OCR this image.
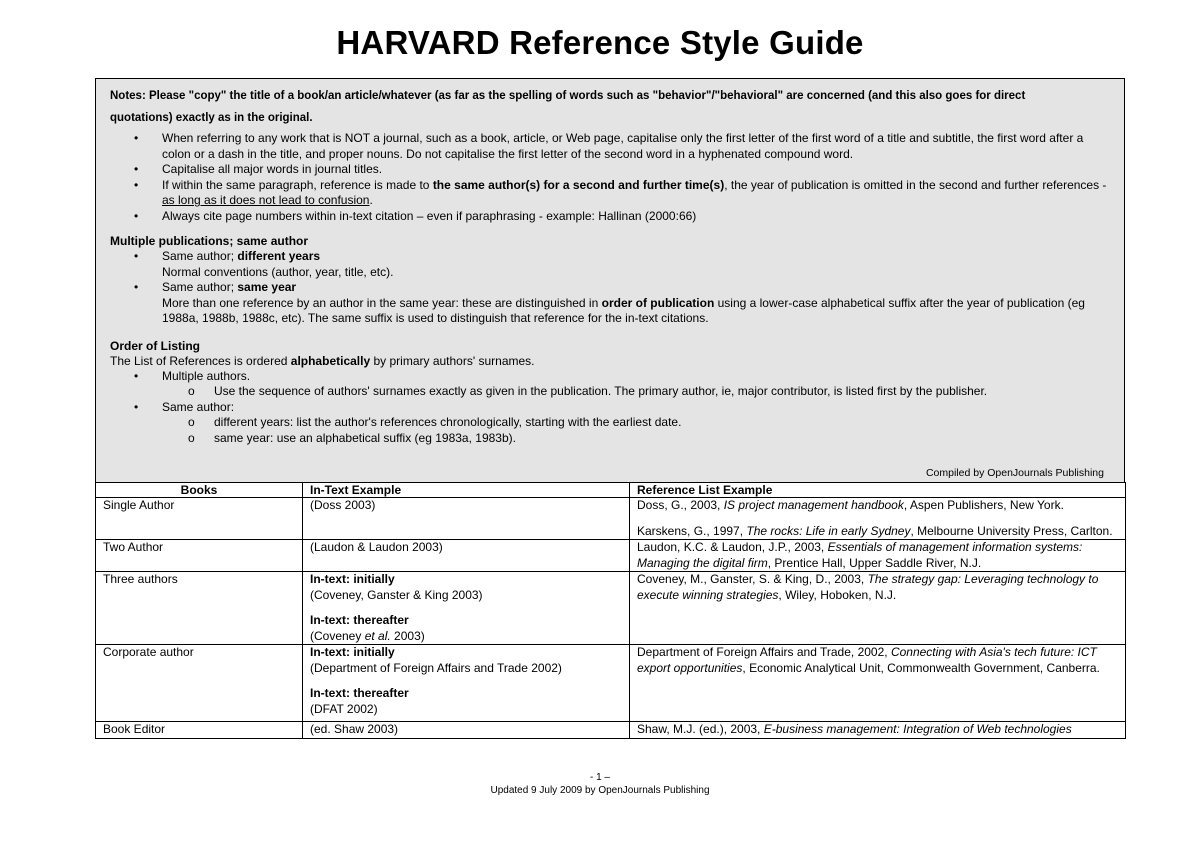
HARVARD Reference Style Guide

Notes: Please "copy" the title of a book/an article/whatever (as far as the spelling of words such as "behavior"/"behavioral" are concerned (and this also goes for direct quotations) exactly as in the original.

• When referring to any work that is NOT a journal, such as a book, article, or Web page, capitalise only the first letter of the first word of a title and subtitle, the first word after a colon or a dash in the title, and proper nouns. Do not capitalise the first letter of the second word in a hyphenated compound word.
• Capitalise all major words in journal titles.
• If within the same paragraph, reference is made to the same author(s) for a second and further time(s), the year of publication is omitted in the second and further references - as long as it does not lead to confusion.
• Always cite page numbers within in-text citation – even if paraphrasing - example: Hallinan (2000:66)
Multiple publications; same author
• Same author; different years
Normal conventions (author, year, title, etc).
• Same author; same year
More than one reference by an author in the same year: these are distinguished in order of publication using a lower-case alphabetical suffix after the year of publication (eg 1988a, 1988b, 1988c, etc). The same suffix is used to distinguish that reference for the in-text citations.
Order of Listing
The List of References is ordered alphabetically by primary authors' surnames.
• Multiple authors.
o Use the sequence of authors' surnames exactly as given in the publication. The primary author, ie, major contributor, is listed first by the publisher.
• Same author:
o different years: list the author's references chronologically, starting with the earliest date.
o same year: use an alphabetical suffix (eg 1983a, 1983b).
Compiled by OpenJournals Publishing
Books	In-Text Example	Reference List Example
Single Author	(Doss 2003)	Doss, G., 2003, IS project management handbook, Aspen Publishers, New York.
Karskens, G., 1997, The rocks: Life in early Sydney, Melbourne University Press, Carlton.
Two Author	(Laudon & Laudon 2003)	Laudon, K.C. & Laudon, J.P., 2003, Essentials of management information systems: Managing the digital firm, Prentice Hall, Upper Saddle River, N.J.
Three authors	In-text: initially
(Coveney, Ganster & King 2003)
In-text: thereafter
(Coveney et al. 2003)	Coveney, M., Ganster, S. & King, D., 2003, The strategy gap: Leveraging technology to execute winning strategies, Wiley, Hoboken, N.J.
Corporate author	In-text: initially
(Department of Foreign Affairs and Trade 2002)
In-text: thereafter
(DFAT 2002)	Department of Foreign Affairs and Trade, 2002, Connecting with Asia's tech future: ICT export opportunities, Economic Analytical Unit, Commonwealth Government, Canberra.
Book Editor	(ed. Shaw 2003)	Shaw, M.J. (ed.), 2003, E-business management: Integration of Web technologies
- 1 –
Updated 9 July 2009 by OpenJournals Publishing
